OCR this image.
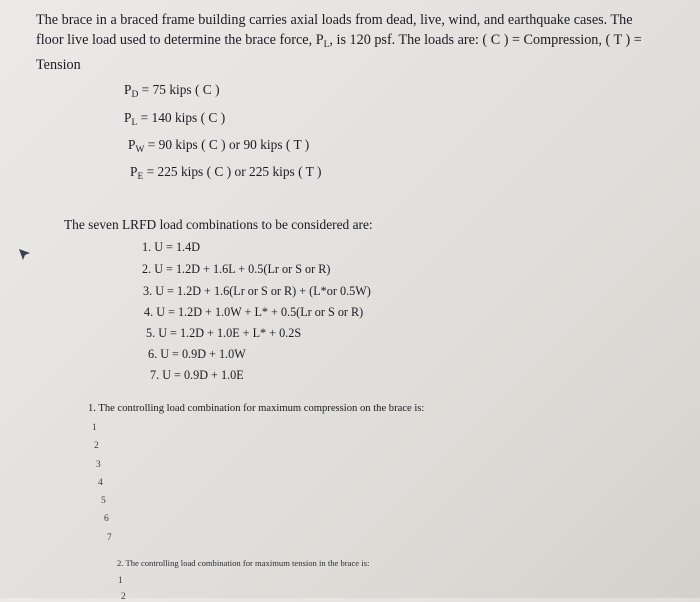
The brace in a braced frame building carries axial loads from dead, live, wind, and earthquake cases. The
floor live load used to determine the brace force, $P_L$, is 120 psf. The loads are: ( C ) = Compression, ( T ) =
Tension
$P_D = 75$ kips ( C )
$P_L = 140$ kips ( C )
$P_W = 90$ kips ( C ) or 90 kips ( T )
$P_E = 225$ kips ( C ) or 225 kips ( T )
The seven LRFD load combinations to be considered are:
1. U = 1.4D
2. U = 1.2D + 1.6L + 0.5(Lr or S or R)
3. U = 1.2D + 1.6(Lr or S or R) + (L*or 0.5W)
4. U = 1.2D + 1.0W + L* + 0.5(Lr or S or R)
5. U = 1.2D + 1.0E + L* + 0.2S
6. U = 0.9D + 1.0W
7. U = 0.9D + 1.0E
1. The controlling load combination for maximum compression on the brace is:
1
2
3
4
5
6
7
2. The controlling load combination for maximum tension in the brace is:
1
2
